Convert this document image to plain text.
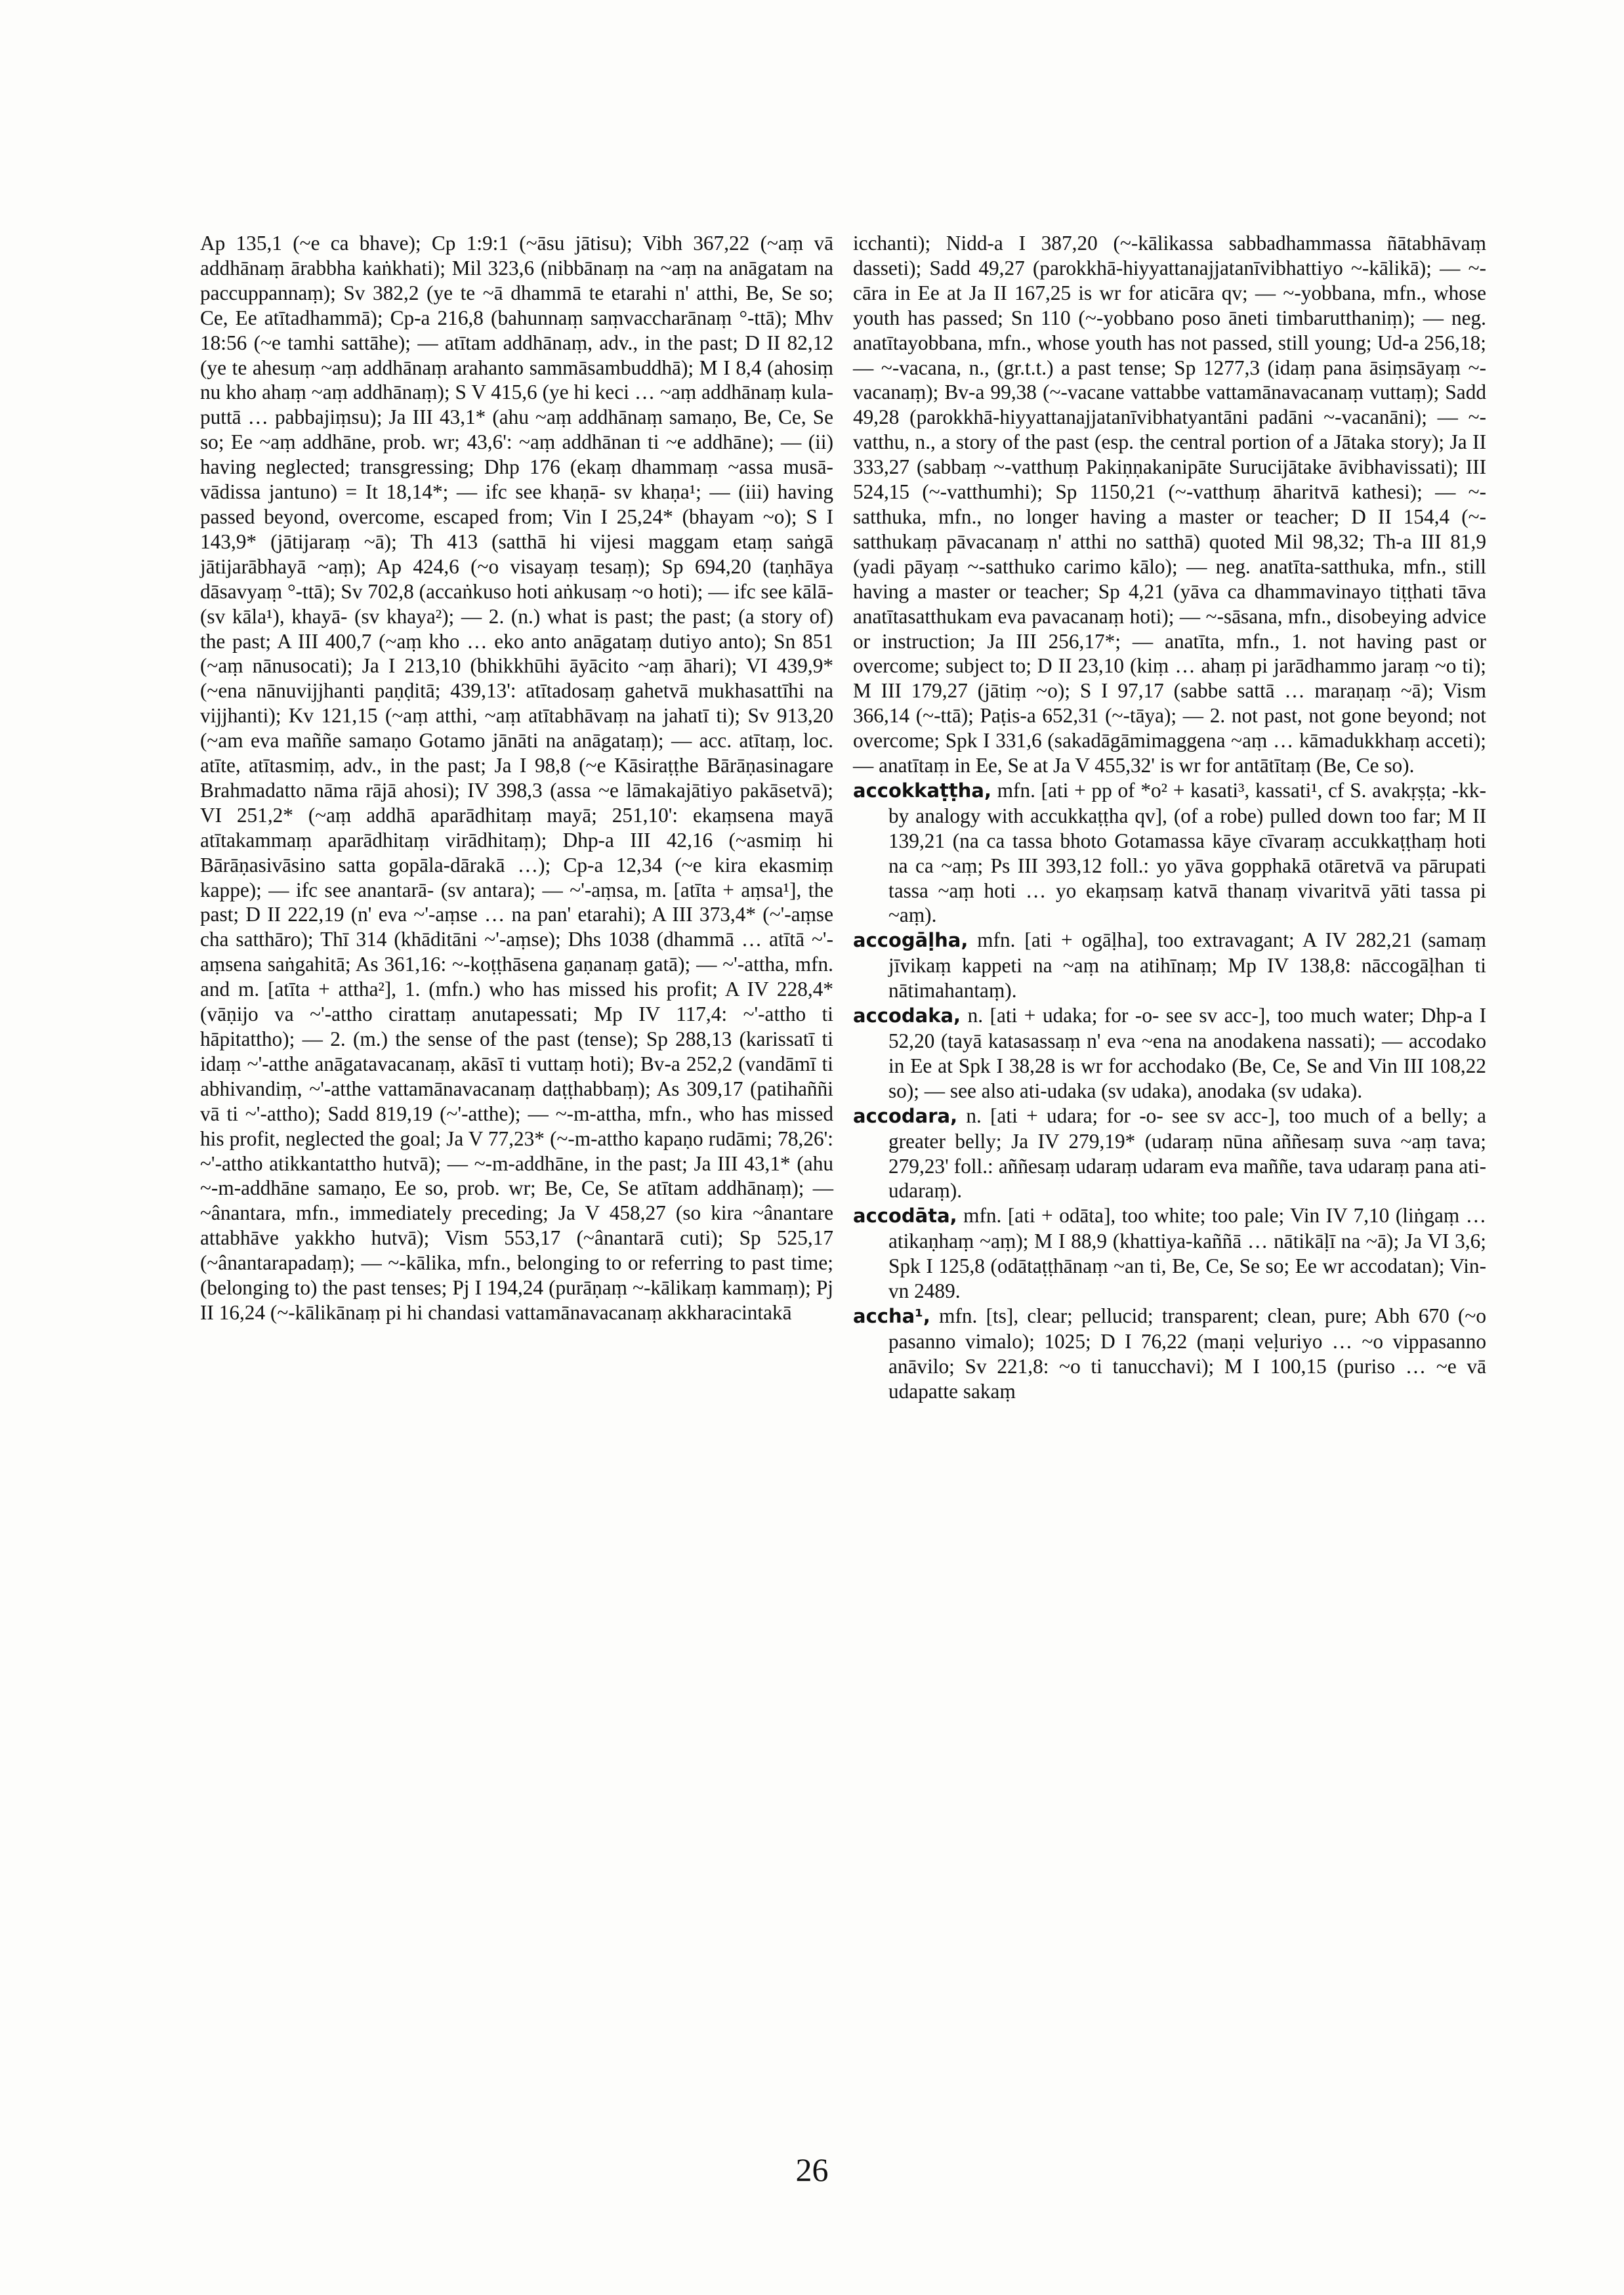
Ap 135,1 (~e ca bhave); Cp 1:9:1 (~āsu jātisu); Vibh 367,22 (~aṃ vā addhānaṃ ārabbha kaṅkhati); Mil 323,6 (nibbānaṃ na ~aṃ na anāgatam na paccuppannaṃ); Sv 382,2 (ye te ~ā dhammā te etarahi n' atthi, Be, Se so; Ce, Ee atītadhammā); Cp-a 216,8 (bahunnaṃ saṃvaccharānaṃ °-ttā); Mhv 18:56 (~e tamhi sattāhe); — atītam addhānaṃ, adv., in the past; D II 82,12 (ye te ahesuṃ ~aṃ addhānaṃ arahanto sammāsambuddhā); M I 8,4 (ahosiṃ nu kho ahaṃ ~aṃ addhānaṃ); S V 415,6 (ye hi keci … ~aṃ addhānaṃ kula-puttā … pabbajiṃsu); Ja III 43,1* (ahu ~aṃ addhānaṃ samaṇo, Be, Ce, Se so; Ee ~aṃ addhāne, prob. wr; 43,6': ~aṃ addhānan ti ~e addhāne); — (ii) having neglected; transgressing; Dhp 176 (ekaṃ dhammaṃ ~assa musā-vādissa jantuno) = It 18,14*; — ifc see khaṇā- sv khaṇa¹; — (iii) having passed beyond, overcome, escaped from; Vin I 25,24* (bhayam ~o); S I 143,9* (jātijaraṃ ~ā); Th 413 (satthā hi vijesi maggam etaṃ saṅgā jātijarābhayā ~aṃ); Ap 424,6 (~o visayaṃ tesaṃ); Sp 694,20 (taṇhāya dāsavyaṃ °-ttā); Sv 702,8 (accaṅkuso hoti aṅkusaṃ ~o hoti); — ifc see kālā- (sv kāla¹), khayā- (sv khaya²); — 2. (n.) what is past; the past; (a story of) the past; A III 400,7 (~aṃ kho … eko anto anāgataṃ dutiyo anto); Sn 851 (~aṃ nānusocati); Ja I 213,10 (bhikkhūhi āyācito ~aṃ āhari); VI 439,9* (~ena nānuvijjhanti paṇḍitā; 439,13': atītadosaṃ gahetvā mukhasattīhi na vijjhanti); Kv 121,15 (~aṃ atthi, ~aṃ atītabhāvaṃ na jahatī ti); Sv 913,20 (~am eva maññe samaṇo Gotamo jānāti na anāgataṃ); — acc. atītaṃ, loc. atīte, atītasmiṃ, adv., in the past; Ja I 98,8 (~e Kāsiraṭṭhe Bārāṇasinagare Brahmadatto nāma rājā ahosi); IV 398,3 (assa ~e lāmakajātiyo pakāsetvā); VI 251,2* (~aṃ addhā aparādhitaṃ mayā; 251,10': ekaṃsena mayā atītakammaṃ aparādhitaṃ virādhitaṃ); Dhp-a III 42,16 (~asmiṃ hi Bārāṇasivāsino satta gopāla-dārakā …); Cp-a 12,34 (~e kira ekasmiṃ kappe); — ifc see anantarā- (sv antara); — ~'-aṃsa, m. [atīta + aṃsa¹], the past; D II 222,19 (n' eva ~'-aṃse … na pan' etarahi); A III 373,4* (~'-aṃse cha satthāro); Thī 314 (khāditāni ~'-aṃse); Dhs 1038 (dhammā … atītā ~'-aṃsena saṅgahitā; As 361,16: ~-koṭṭhāsena gaṇanaṃ gatā); — ~'-attha, mfn. and m. [atīta + attha²], 1. (mfn.) who has missed his profit; A IV 228,4* (vāṇijo va ~'-attho cirattaṃ anutapessati; Mp IV 117,4: ~'-attho ti hāpitattho); — 2. (m.) the sense of the past (tense); Sp 288,13 (karissatī ti idaṃ ~'-atthe anāgatavacanaṃ, akāsī ti vuttaṃ hoti); Bv-a 252,2 (vandāmī ti abhivandiṃ, ~'-atthe vattamānavacanaṃ daṭṭhabbaṃ); As 309,17 (patihaññi vā ti ~'-attho); Sadd 819,19 (~'-atthe); — ~-m-attha, mfn., who has missed his profit, neglected the goal; Ja V 77,23* (~-m-attho kapaṇo rudāmi; 78,26': ~'-attho atikkantattho hutvā); — ~-m-addhāne, in the past; Ja III 43,1* (ahu ~-m-addhāne samaṇo, Ee so, prob. wr; Be, Ce, Se atītam addhānaṃ); — ~ânantara, mfn., immediately preceding; Ja V 458,27 (so kira ~ânantare attabhāve yakkho hutvā); Vism 553,17 (~ânantarā cuti); Sp 525,17 (~ânantarapadaṃ); — ~-kālika, mfn., belonging to or referring to past time; (belonging to) the past tenses; Pj I 194,24 (purāṇaṃ ~-kālikaṃ kammaṃ); Pj II 16,24 (~-kālikānaṃ pi hi chandasi vattamānavacanaṃ akkharacintakā

icchanti); Nidd-a I 387,20 (~-kālikassa sabbadhammassa ñātabhāvaṃ dasseti); Sadd 49,27 (parokkhā-hiyyattanajjatanīvibhattiyo ~-kālikā); — ~-cāra in Ee at Ja II 167,25 is wr for aticāra qv; — ~-yobbana, mfn., whose youth has passed; Sn 110 (~-yobbano poso āneti timbarutthaniṃ); — neg. anatītayobbana, mfn., whose youth has not passed, still young; Ud-a 256,18; — ~-vacana, n., (gr.t.t.) a past tense; Sp 1277,3 (idaṃ pana āsiṃsāyaṃ ~-vacanaṃ); Bv-a 99,38 (~-vacane vattabbe vattamānavacanaṃ vuttaṃ); Sadd 49,28 (parokkhā-hiyyattanajjatanīvibhatyantāni padāni ~-vacanāni); — ~-vatthu, n., a story of the past (esp. the central portion of a Jātaka story); Ja II 333,27 (sabbaṃ ~-vatthuṃ Pakiṇṇakanipāte Surucijātake āvibhavissati); III 524,15 (~-vatthumhi); Sp 1150,21 (~-vatthuṃ āharitvā kathesi); — ~-satthuka, mfn., no longer having a master or teacher; D II 154,4 (~-satthukaṃ pāvacanaṃ n' atthi no satthā) quoted Mil 98,32; Th-a III 81,9 (yadi pāyaṃ ~-satthuko carimo kālo); — neg. anatīta-satthuka, mfn., still having a master or teacher; Sp 4,21 (yāva ca dhammavinayo tiṭṭhati tāva anatītasatthukam eva pavacanaṃ hoti); — ~-sāsana, mfn., disobeying advice or instruction; Ja III 256,17*; — anatīta, mfn., 1. not having past or overcome; subject to; D II 23,10 (kiṃ … ahaṃ pi jarādhammo jaraṃ ~o ti); M III 179,27 (jātiṃ ~o); S I 97,17 (sabbe sattā … maraṇaṃ ~ā); Vism 366,14 (~-ttā); Paṭis-a 652,31 (~-tāya); — 2. not past, not gone beyond; not overcome; Spk I 331,6 (sakadāgāmimaggena ~aṃ … kāmadukkhaṃ acceti); — anatītaṃ in Ee, Se at Ja V 455,32' is wr for antātītaṃ (Be, Ce so).

accokkaṭṭha, mfn. [ati + pp of *o² + kasati³, kassati¹, cf S. avakṛṣṭa; -kk- by analogy with accukkaṭṭha qv], (of a robe) pulled down too far; M II 139,21 (na ca tassa bhoto Gotamassa kāye cīvaraṃ accukkaṭṭhaṃ hoti na ca ~aṃ; Ps III 393,12 foll.: yo yāva gopphakā otāretvā va pārupati tassa ~aṃ hoti … yo ekaṃsaṃ katvā thanaṃ vivaritvā yāti tassa pi ~aṃ).

accogāḷha, mfn. [ati + ogāḷha], too extravagant; A IV 282,21 (samaṃ jīvikaṃ kappeti na ~aṃ na atihīnaṃ; Mp IV 138,8: nāccogāḷhan ti nātimahantaṃ).

accodaka, n. [ati + udaka; for -o- see sv acc-], too much water; Dhp-a I 52,20 (tayā katasassaṃ n' eva ~ena na anodakena nassati); — accodako in Ee at Spk I 38,28 is wr for acchodako (Be, Ce, Se and Vin III 108,22 so); — see also ati-udaka (sv udaka), anodaka (sv udaka).

accodara, n. [ati + udara; for -o- see sv acc-], too much of a belly; a greater belly; Ja IV 279,19* (udaraṃ nūna aññesaṃ suva ~aṃ tava; 279,23' foll.: aññesaṃ udaraṃ udaram eva maññe, tava udaraṃ pana ati-udaraṃ).

accodāta, mfn. [ati + odāta], too white; too pale; Vin IV 7,10 (liṅgaṃ … atikaṇhaṃ ~aṃ); M I 88,9 (khattiya-kaññā … nātikāḷī na ~ā); Ja VI 3,6; Spk I 125,8 (odātaṭṭhānaṃ ~an ti, Be, Ce, Se so; Ee wr accodatan); Vin-vn 2489.

accha¹, mfn. [ts], clear; pellucid; transparent; clean, pure; Abh 670 (~o pasanno vimalo); 1025; D I 76,22 (maṇi veḷuriyo … ~o vippasanno anāvilo; Sv 221,8: ~o ti tanucchavi); M I 100,15 (puriso … ~e vā udapatte sakaṃ

26
